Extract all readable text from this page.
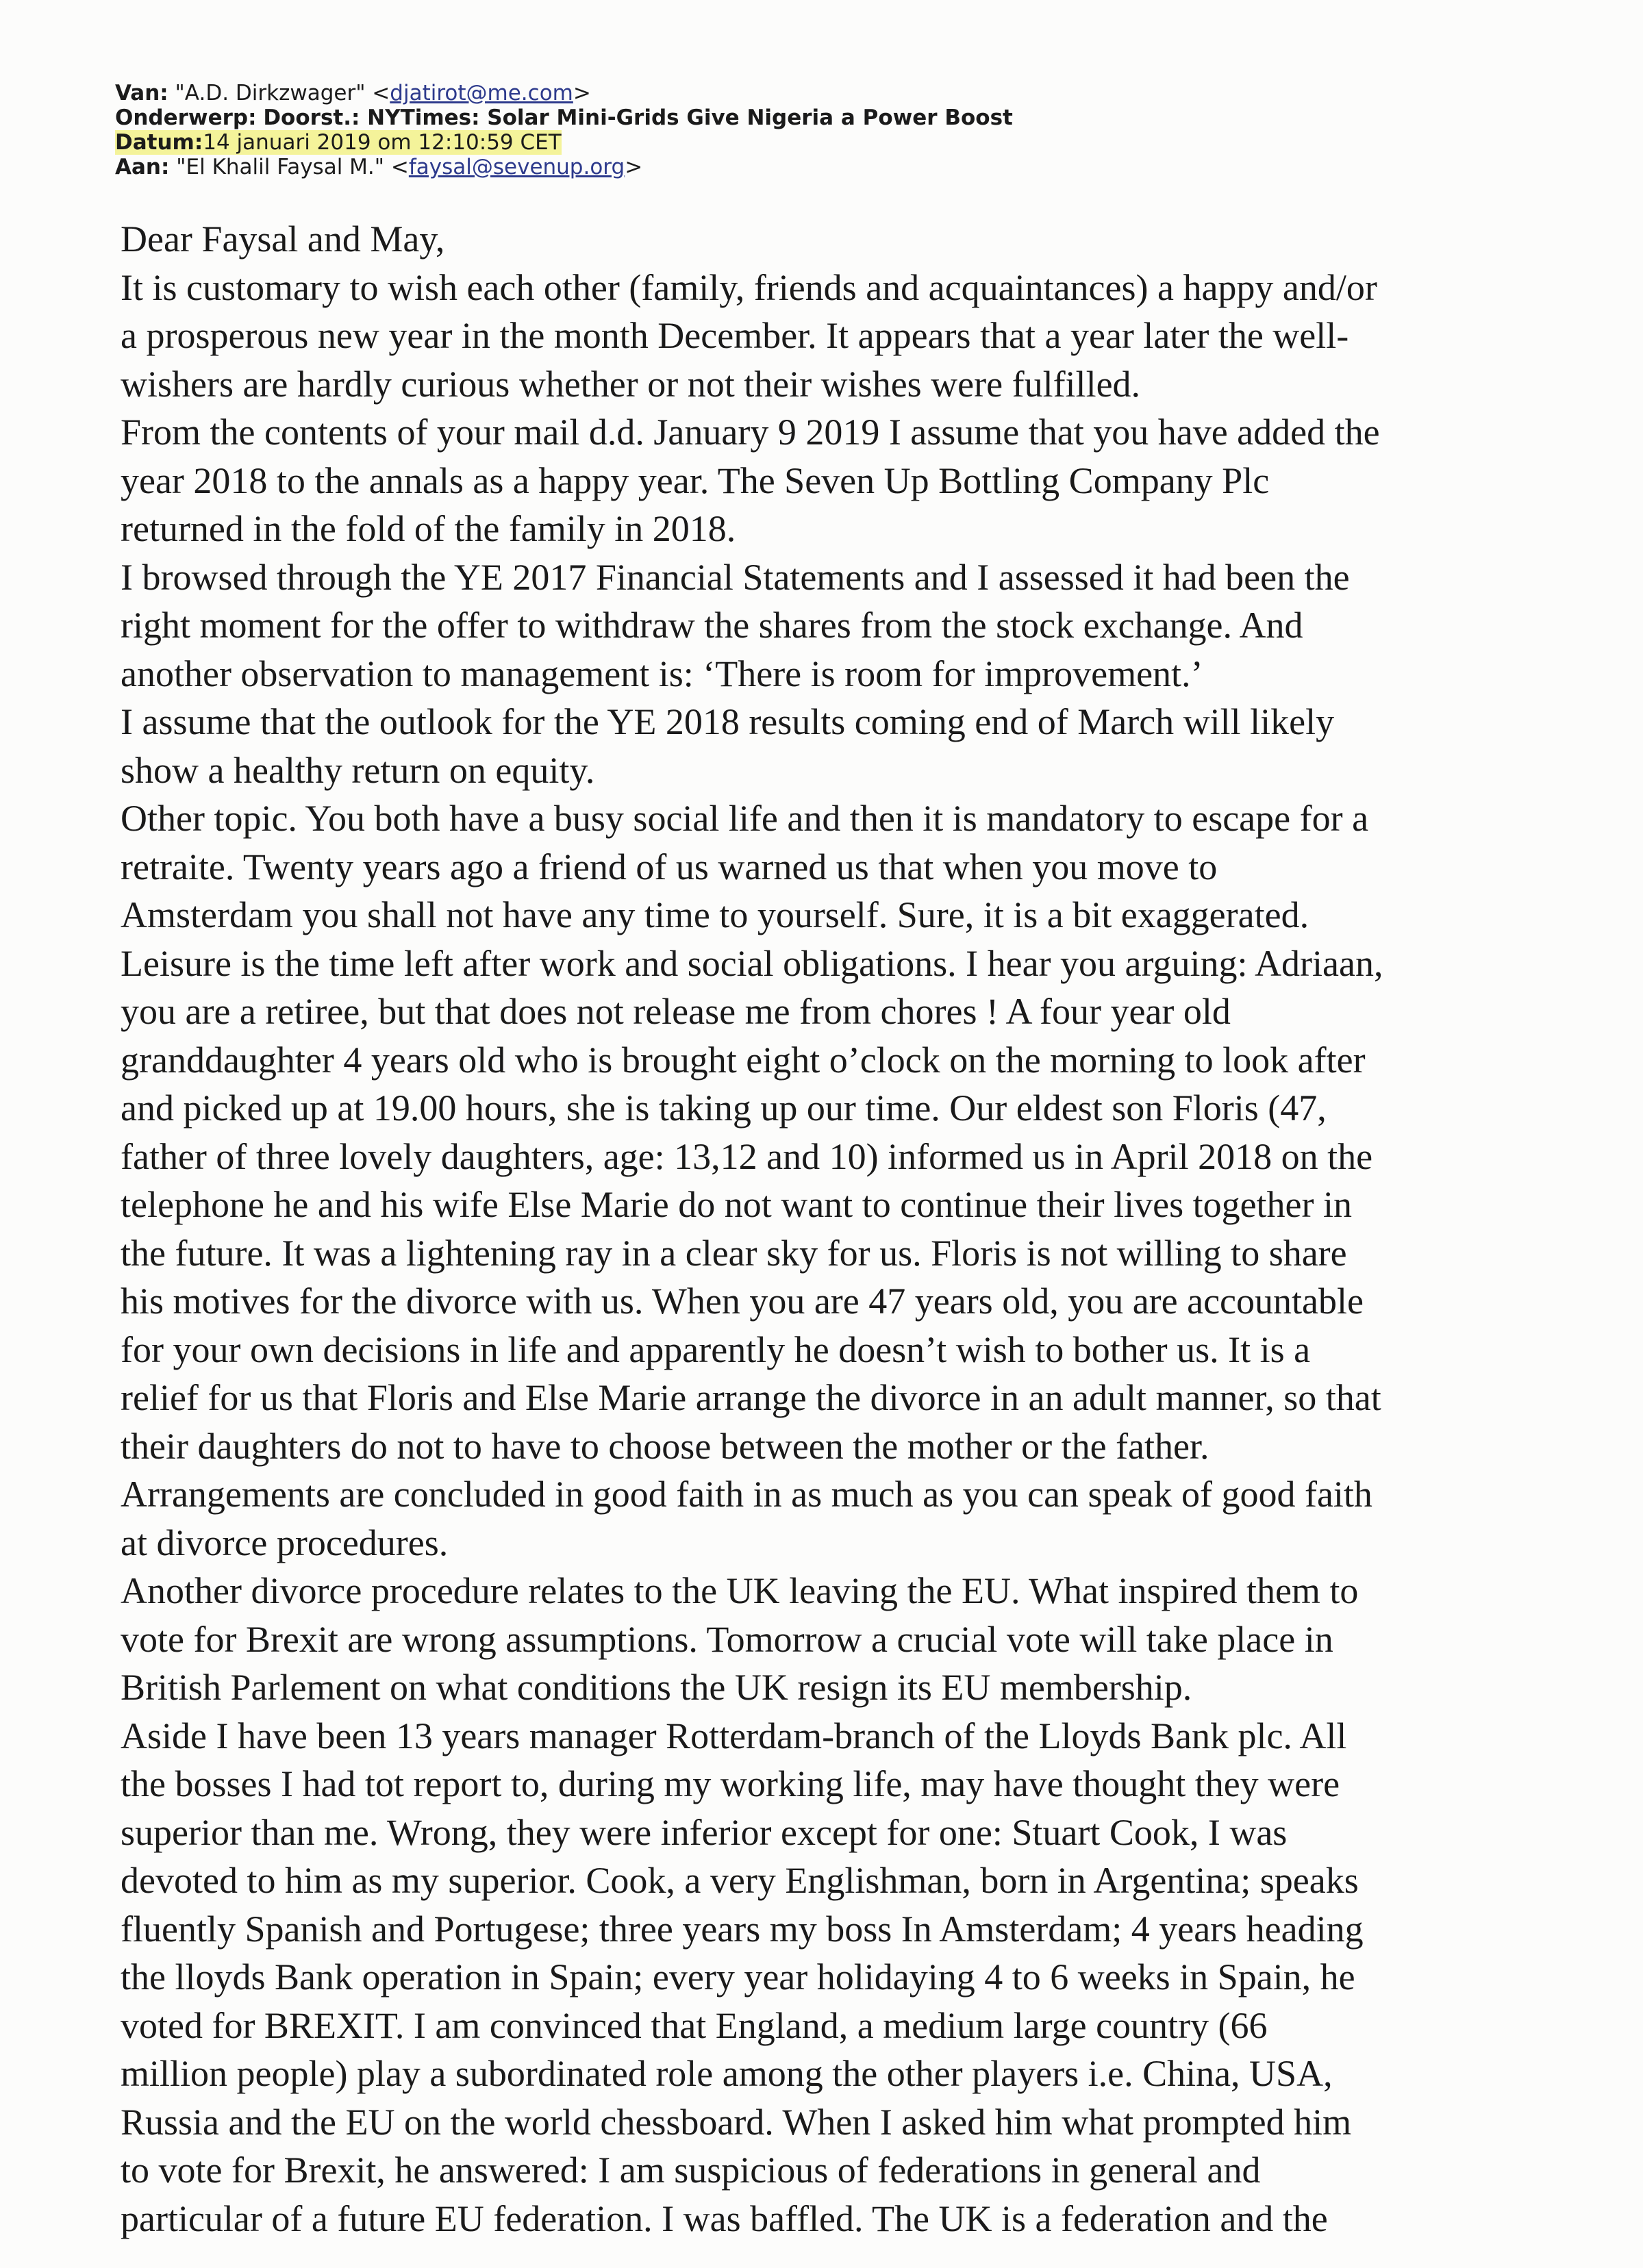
Van: "A.D. Dirkzwager" <djatirot@me.com>
Onderwerp: Doorst.: NYTimes: Solar Mini-Grids Give Nigeria a Power Boost
Datum:14 januari 2019 om 12:10:59 CET
Aan: "El Khalil Faysal M." <faysal@sevenup.org>
Dear Faysal and May,
It is customary to wish each other (family, friends and acquaintances) a happy and/or
a prosperous new year in the month December. It appears that a year later the well-
wishers are hardly curious whether or not their wishes were fulfilled.
From the contents of your mail d.d. January 9 2019 I assume that you have added the
year 2018 to the annals as a happy year. The Seven Up Bottling Company Plc
returned in the fold of the family in 2018.
I browsed through the YE 2017 Financial Statements and I assessed it had been the
right moment for the offer to withdraw the shares from the stock exchange. And
another observation to management is: ‘There is room for improvement.’
I assume that the outlook for the YE 2018 results coming end of March will likely
show a healthy return on equity.
Other topic. You both have a busy social life and then it is mandatory to escape for a
retraite. Twenty years ago a friend of us warned us that when you move to
Amsterdam you shall not have any time to yourself. Sure, it is a bit exaggerated.
Leisure is the time left after work and social obligations. I hear you arguing: Adriaan,
you are a retiree, but that does not release me from chores ! A four year old
granddaughter 4 years old who is brought eight o’clock on the morning to look after
and picked up at 19.00 hours, she is taking up our time. Our eldest son Floris (47,
father of three lovely daughters, age: 13,12 and 10) informed us in April 2018 on the
telephone he and his wife Else Marie do not want to continue their lives together in
the future. It was a lightening ray in a clear sky for us. Floris is not willing to share
his motives for the divorce with us. When you are 47 years old, you are accountable
for your own decisions in life and apparently he doesn’t wish to bother us. It is a
relief for us that Floris and Else Marie arrange the divorce in an adult manner, so that
their daughters do not to have to choose between the mother or the father.
Arrangements are concluded in good faith in as much as you can speak of good faith
at divorce procedures.
Another divorce procedure relates to the UK leaving the EU. What inspired them to
vote for Brexit are wrong assumptions. Tomorrow a crucial vote will take place in
British Parlement on what conditions the UK resign its EU membership.
Aside I have been 13 years manager Rotterdam-branch of the Lloyds Bank plc. All
the bosses I had tot report to, during my working life, may have thought they were
superior than me. Wrong, they were inferior except for one: Stuart Cook, I was
devoted to him as my superior. Cook, a very Englishman, born in Argentina; speaks
fluently Spanish and Portugese; three years my boss In Amsterdam; 4 years heading
the lloyds Bank operation in Spain; every year holidaying 4 to 6 weeks in Spain, he
voted for BREXIT. I am convinced that England, a medium large country (66
million people) play a subordinated role among the other players i.e. China, USA,
Russia and the EU on the world chessboard. When I asked him what prompted him
to vote for Brexit, he answered: I am suspicious of federations in general and
particular of a future EU federation. I was baffled. The UK is a federation and the
